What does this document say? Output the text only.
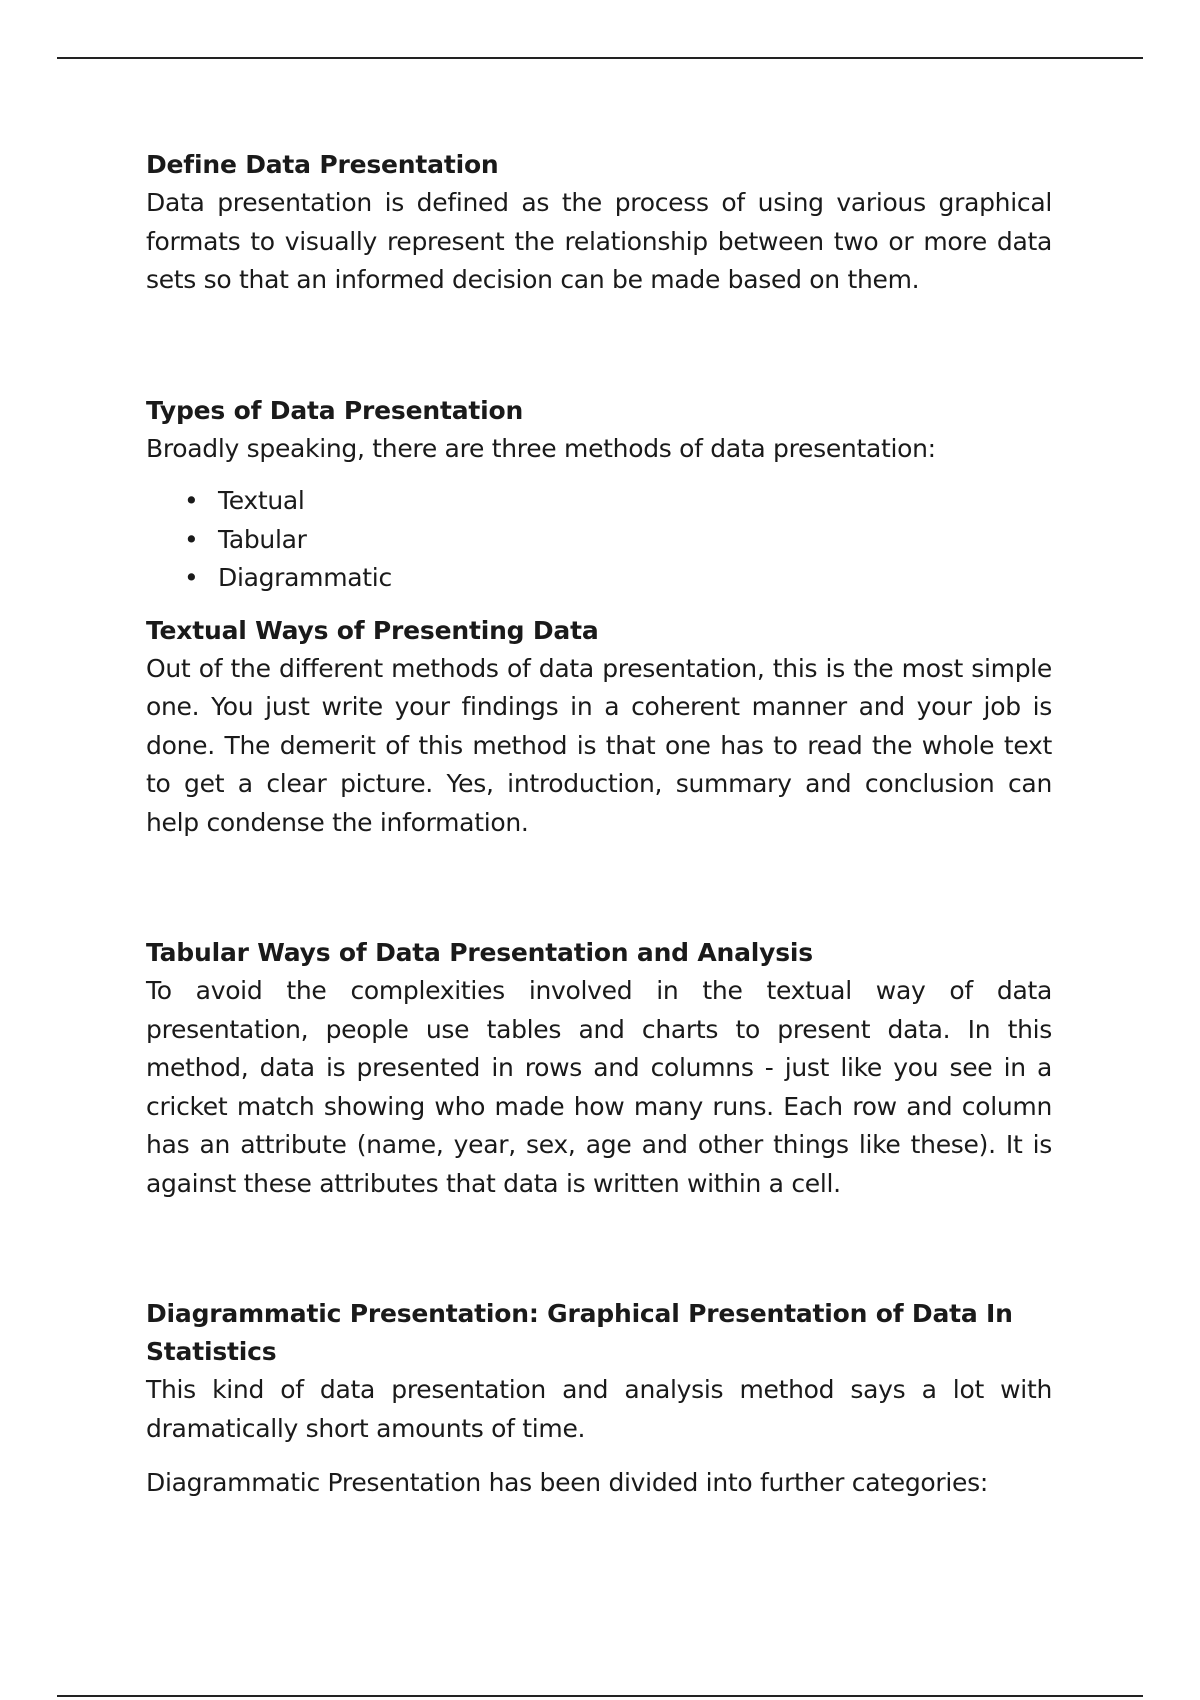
Define Data Presentation

Data presentation is defined as the process of using various graphical formats to visually represent the relationship between two or more data sets so that an informed decision can be made based on them.

Types of Data Presentation

Broadly speaking, there are three methods of data presentation:

• Textual
• Tabular
• Diagrammatic
Textual Ways of Presenting Data

Out of the different methods of data presentation, this is the most simple one. You just write your findings in a coherent manner and your job is done. The demerit of this method is that one has to read the whole text to get a clear picture. Yes, introduction, summary and conclusion can help condense the information.

Tabular Ways of Data Presentation and Analysis

To avoid the complexities involved in the textual way of data presentation, people use tables and charts to present data. In this method, data is presented in rows and columns - just like you see in a cricket match showing who made how many runs. Each row and column has an attribute (name, year, sex, age and other things like these). It is against these attributes that data is written within a cell.

Diagrammatic Presentation: Graphical Presentation of Data In Statistics

This kind of data presentation and analysis method says a lot with dramatically short amounts of time.

Diagrammatic Presentation has been divided into further categories:
